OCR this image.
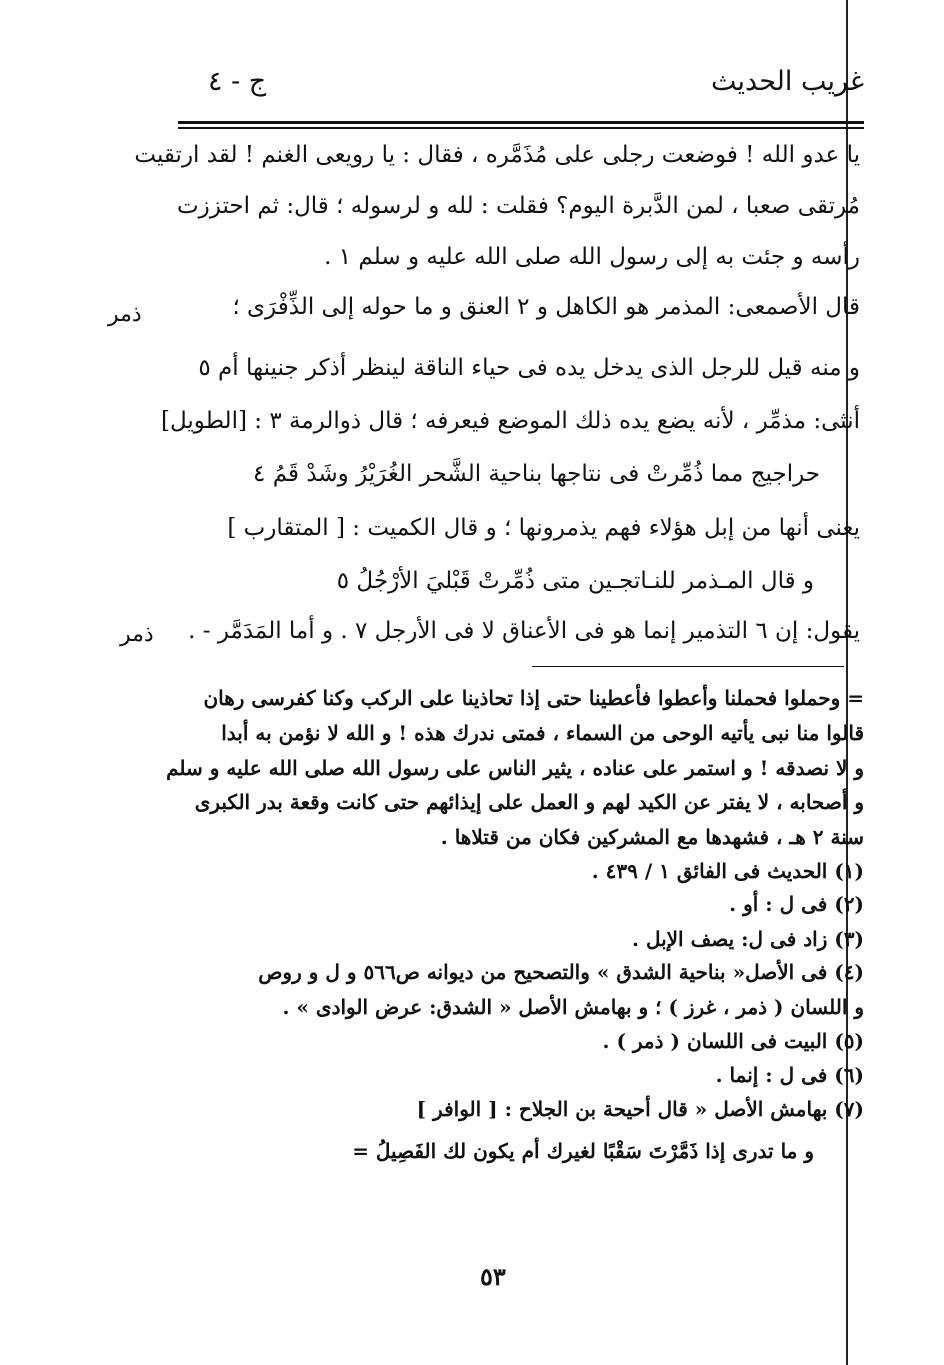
غريب الحديث
ج - ٤
يا عدو الله ! فوضعت رجلى على مُذَمَّره ، فقال : يا رويعى الغنم ! لقد ارتقيت
مُرتقى صعبا ، لمن الدَّبرة اليوم؟ فقلت : لله و لرسوله ؛ قال: ثم احتززت
رأسه و جئت به إلى رسول الله صلى الله عليه و سلم ١ .
قال الأصمعى: المذمر هو الكاهل و ٢ العنق و ما حوله إلى الذِّفْرَى ؛
و منه قيل للرجل الذى يدخل يده فى حياء الناقة لينظر أذكر جنينها أم ٥
أنثى: مذمِّر ، لأنه يضع يده ذلك الموضع فيعرفه ؛ قال ذوالرمة ٣ : [الطويل]
حراجيج مما ذُمِّرتْ فى نتاجها بناحية الشَّحر الغُرَيْرُ وشَدْ قَمُ ٤
يعنى أنها من إبل هؤلاء فهم يذمرونها ؛ و قال الكميت : [ المتقارب ]
و قال المـذمر للنـاتجـين متى ذُمِّرتْ قَبْليَ الأرْجُلُ ٥
يقول: إن ٦ التذمير إنما هو فى الأعناق لا فى الأرجل ٧ . و أما المَدَمَّر - .
ذمر
ذمر
= وحملوا فحملنا وأعطوا فأعطينا حتى إذا تحاذينا على الركب وكنا كفرسى رهان
قالوا منا نبى يأتيه الوحى من السماء ، فمتى ندرك هذه ! و الله لا نؤمن به أبدا
و لا نصدقه ! و استمر على عناده ، يثير الناس على رسول الله صلى الله عليه و سلم
و أصحابه ، لا يفتر عن الكيد لهم و العمل على إيذائهم حتى كانت وقعة بدر الكبرى
سنة ٢ هـ ، فشهدها مع المشركين فكان من قتلاها .
(١) الحديث فى الفائق ١ / ٤٣٩ .
(٢) فى ل : أو .
(٣) زاد فى ل: يصف الإبل .
(٤) فى الأصل« بناحية الشدق » والتصحيح من ديوانه ص٥٦٦ و ل و روص
و اللسان ( ذمر ، غرز ) ؛ و بهامش الأصل « الشدق: عرض الوادى » .
(٥) البيت فى اللسان ( ذمر ) .
(٦) فى ل : إنما .
(٧) بهامش الأصل « قال أحيحة بن الجلاح : [ الوافر ]
و ما تدرى إذا ذَمَّرْتَ سَقْبًا لغيرك أم يكون لك الفَصِيلُ =
٥٣
